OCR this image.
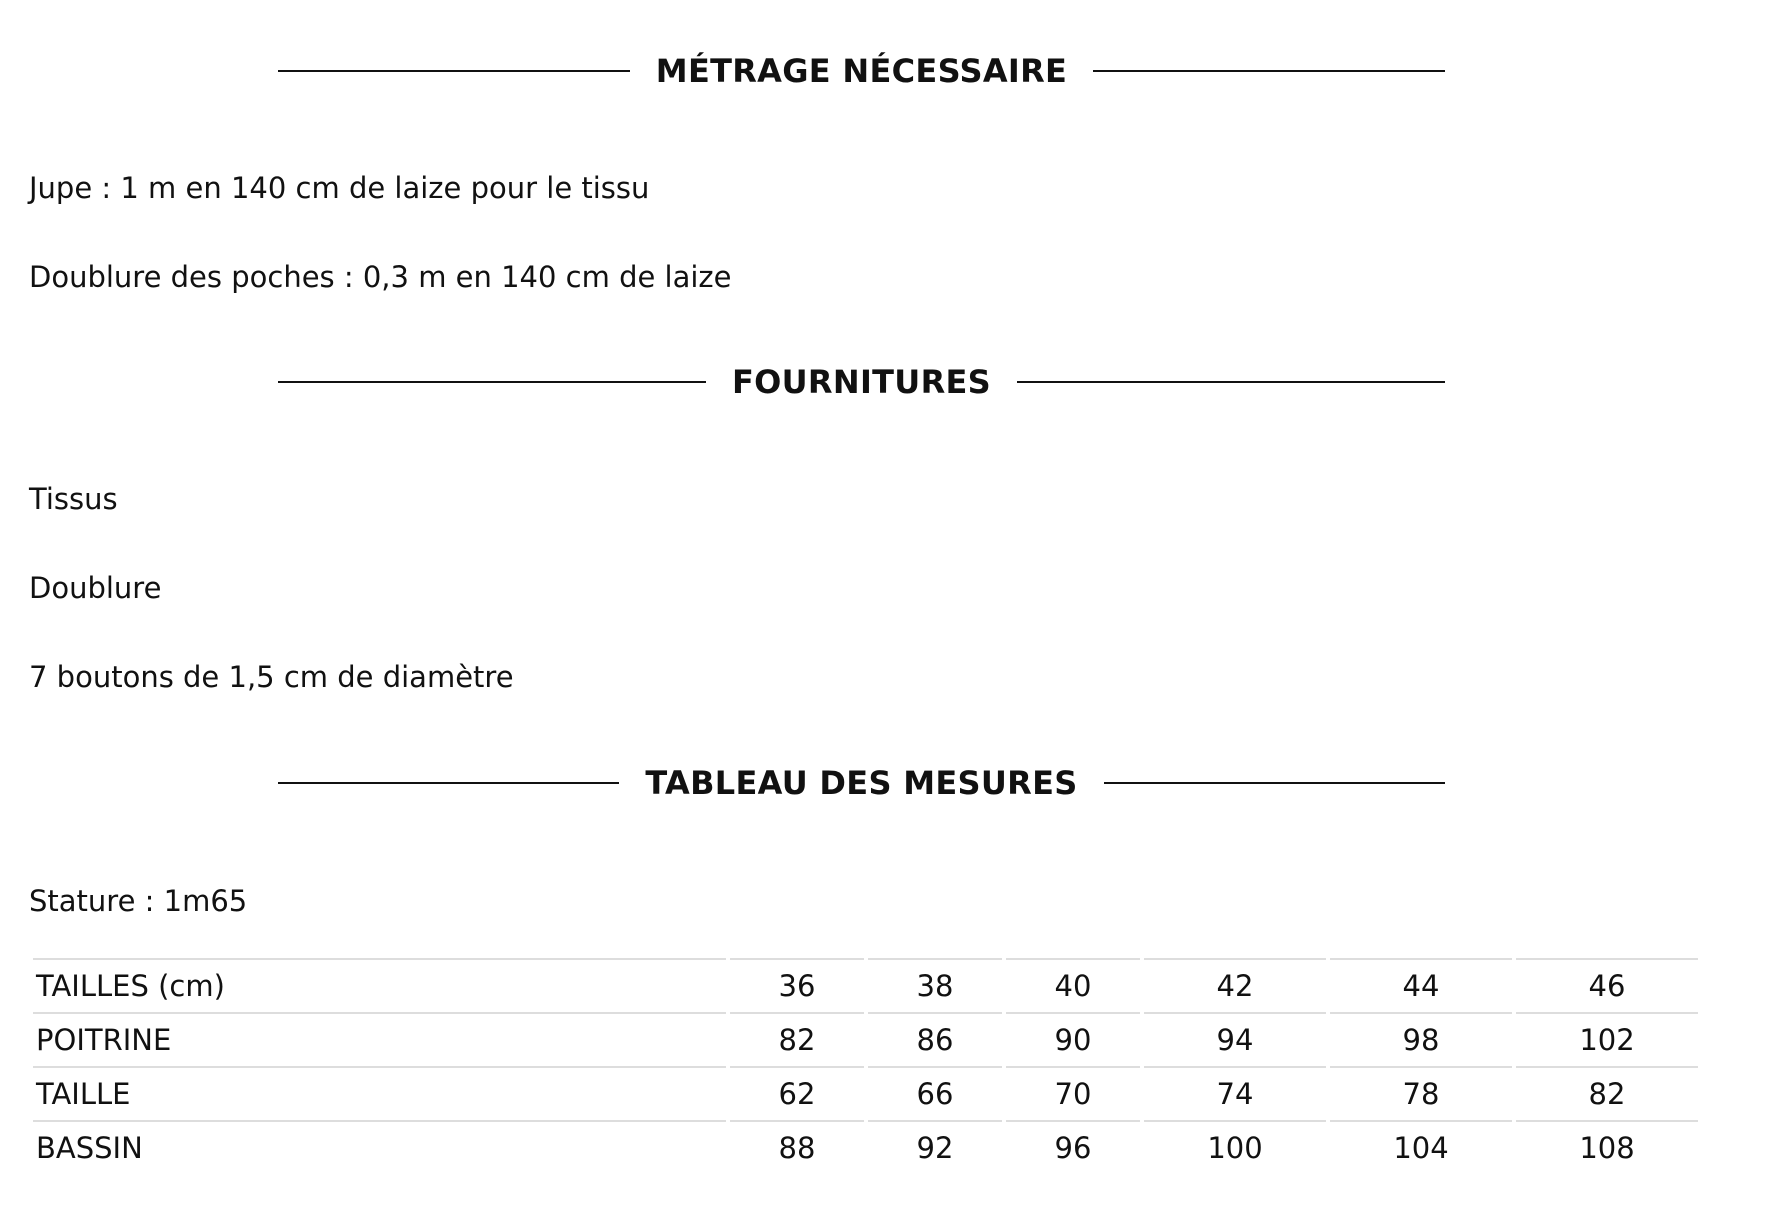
MÉTRAGE NÉCESSAIRE
Jupe : 1 m en 140 cm de laize pour le tissu
Doublure des poches : 0,3 m en 140 cm de laize
FOURNITURES
Tissus
Doublure
7 boutons de 1,5 cm de diamètre
TABLEAU DES MESURES
Stature : 1m65
TAILLES (cm)	36	38	40	42	44	46
POITRINE	82	86	90	94	98	102
TAILLE	62	66	70	74	78	82
BASSIN	88	92	96	100	104	108
